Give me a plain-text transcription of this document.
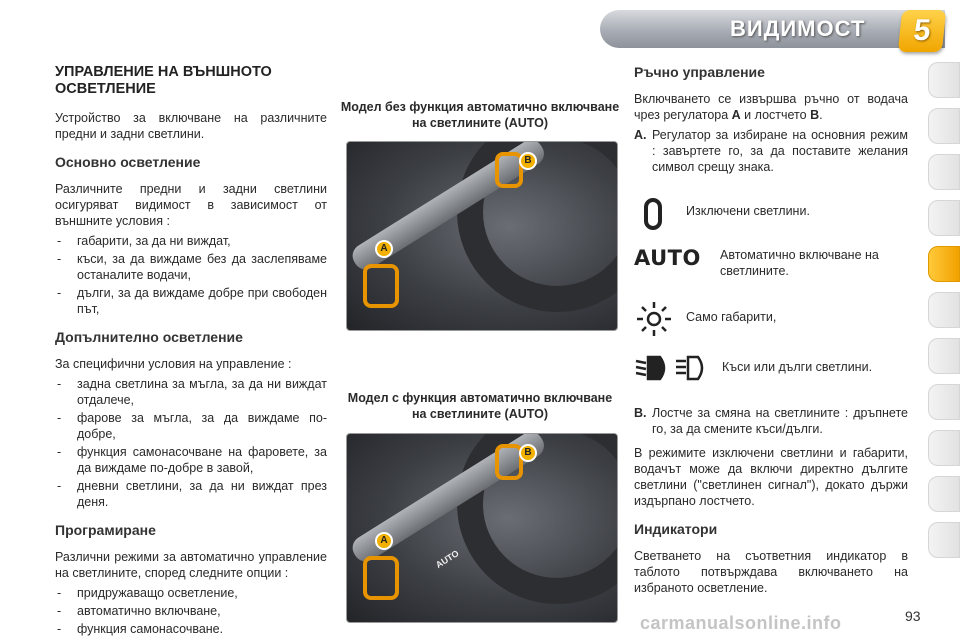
ВИДИМОСТ	5
УПРАВЛЕНИЕ НА ВЪНШНОТО ОСВЕТЛЕНИЕ

Устройство за включване на различните предни и задни светлини.

Основно осветление

Различните предни и задни светлини осигуряват видимост в зависимост от външните условия :

- габарити, за да ни виждат,
- къси, за да виждаме без да заслепяваме останалите водачи,
- дълги, за да виждаме добре при свободен път,
Допълнително осветление

За специфични условия на управление :

- задна светлина за мъгла, за да ни виждат отдалече,
- фарове за мъгла, за да виждаме по-добре,
- функция самонасочване на фаровете, за да виждаме по-добре в завой,
- дневни светлини, за да ни виждат през деня.
Програмиране

Различни режими за автоматично управление на светлините, според следните опции :

- придружаващо осветление,
- автоматично включване,
- функция самонасочване.
Модел без функция автоматично включване на светлините (AUTO)
A
B
Модел с функция автоматично включване на светлините (AUTO)
A
B
AUTO
Ръчно управление

Включването се извършва ръчно от водача чрез регулатора A и лостчето B.

A. Регулатор за избиране на основния режим : завъртете го, за да поставите желания символ срещу знака.
Изключени светлини.
AUTO Автоматично включване на светлините.
Само габарити,
Къси или дълги светлини.
B. Лостче за смяна на светлините : дръпнете го, за да смените къси/дълги.

В режимите изключени светлини и габарити, водачът може да включи директно дългите светлини ("светлинен сигнал"), докато държи издърпано лостчето.

Индикатори

Светването на съответния индикатор в таблото потвърждава включването на избраното осветление.

carmanualsonline.info	93
